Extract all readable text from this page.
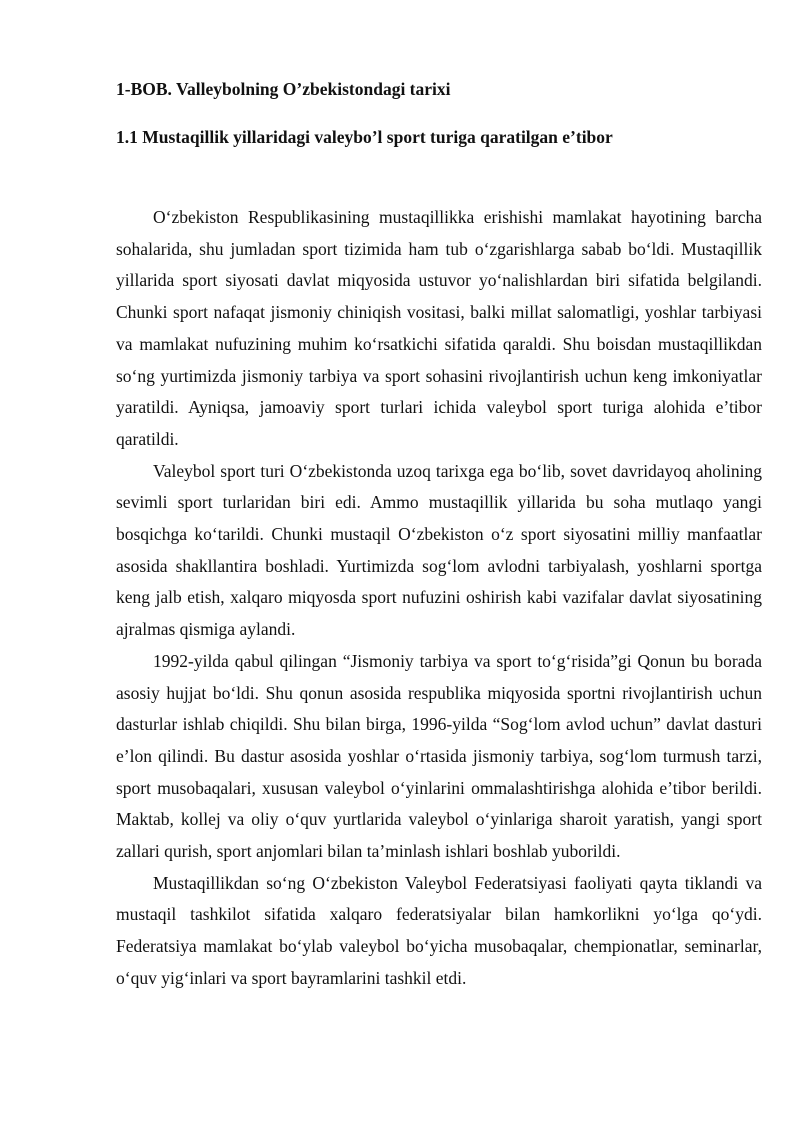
1-BOB. Valleybolning O’zbekistondagi tarixi
1.1 Mustaqillik yillaridagi valeybo’l sport turiga qaratilgan e’tibor

O‘zbekiston Respublikasining mustaqillikka erishishi mamlakat hayotining barcha sohalarida, shu jumladan sport tizimida ham tub o‘zgarishlarga sabab bo‘ldi. Mustaqillik yillarida sport siyosati davlat miqyosida ustuvor yo‘nalishlardan biri sifatida belgilandi. Chunki sport nafaqat jismoniy chiniqish vositasi, balki millat salomatligi, yoshlar tarbiyasi va mamlakat nufuzining muhim ko‘rsatkichi sifatida qaraldi. Shu boisdan mustaqillikdan so‘ng yurtimizda jismoniy tarbiya va sport sohasini rivojlantirish uchun keng imkoniyatlar yaratildi. Ayniqsa, jamoaviy sport turlari ichida valeybol sport turiga alohida e’tibor qaratildi.

Valeybol sport turi O‘zbekistonda uzoq tarixga ega bo‘lib, sovet davridayoq aholining sevimli sport turlaridan biri edi. Ammo mustaqillik yillarida bu soha mutlaqo yangi bosqichga ko‘tarildi. Chunki mustaqil O‘zbekiston o‘z sport siyosatini milliy manfaatlar asosida shakllantira boshladi. Yurtimizda sog‘lom avlodni tarbiyalash, yoshlarni sportga keng jalb etish, xalqaro miqyosda sport nufuzini oshirish kabi vazifalar davlat siyosatining ajralmas qismiga aylandi.

1992-yilda qabul qilingan “Jismoniy tarbiya va sport to‘g‘risida”gi Qonun bu borada asosiy hujjat bo‘ldi. Shu qonun asosida respublika miqyosida sportni rivojlantirish uchun dasturlar ishlab chiqildi. Shu bilan birga, 1996-yilda “Sog‘lom avlod uchun” davlat dasturi e’lon qilindi. Bu dastur asosida yoshlar o‘rtasida jismoniy tarbiya, sog‘lom turmush tarzi, sport musobaqalari, xususan valeybol o‘yinlarini ommalashtirishga alohida e’tibor berildi. Maktab, kollej va oliy o‘quv yurtlarida valeybol o‘yinlariga sharoit yaratish, yangi sport zallari qurish, sport anjomlari bilan ta’minlash ishlari boshlab yuborildi.

Mustaqillikdan so‘ng O‘zbekiston Valeybol Federatsiyasi faoliyati qayta tiklandi va mustaqil tashkilot sifatida xalqaro federatsiyalar bilan hamkorlikni yo‘lga qo‘ydi. Federatsiya mamlakat bo‘ylab valeybol bo‘yicha musobaqalar, chempionatlar, seminarlar, o‘quv yig‘inlari va sport bayramlarini tashkil etdi.
